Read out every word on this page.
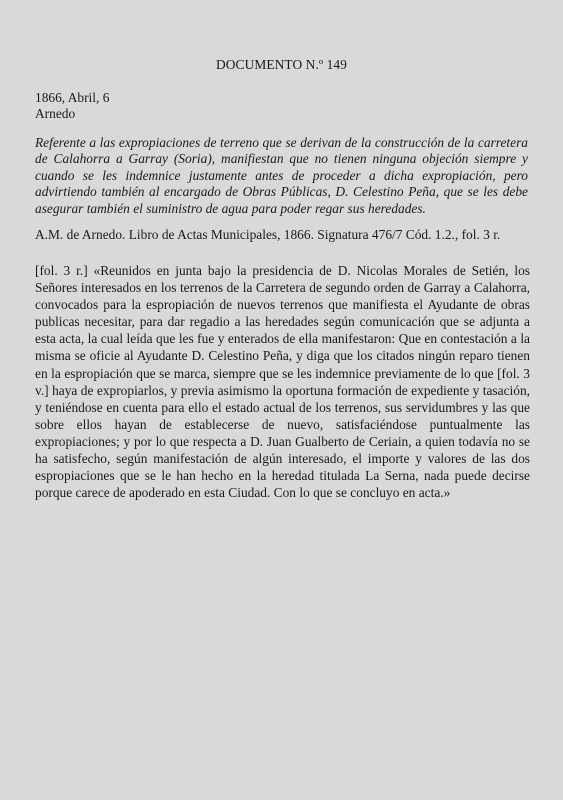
DOCUMENTO N.º 149
1866, Abril, 6
Arnedo
Referente a las expropiaciones de terreno que se derivan de la construcción de la carretera de Calahorra a Garray (Soria), manifiestan que no tienen ninguna objeción siempre y cuando se les indemnice justamente antes de proceder a dicha expropiación, pero advirtiendo también al encargado de Obras Públicas, D. Celestino Peña, que se les debe asegurar también el suministro de agua para poder regar sus heredades.
A.M. de Arnedo. Libro de Actas Municipales, 1866. Signatura 476/7 Cód. 1.2., fol. 3 r.
[fol. 3 r.] «Reunidos en junta bajo la presidencia de D. Nicolas Morales de Setién, los Señores interesados en los terrenos de la Carretera de segundo orden de Garray a Calahorra, convocados para la espropiación de nuevos terrenos que manifiesta el Ayudante de obras publicas necesitar, para dar regadio a las heredades según comunicación que se adjunta a esta acta, la cual leída que les fue y enterados de ella manifestaron: Que en contestación a la misma se oficie al Ayudante D. Celestino Peña, y diga que los citados ningún reparo tienen en la espropiación que se marca, siempre que se les indemnice previamente de lo que [fol. 3 v.] haya de expropiarlos, y previa asimismo la oportuna formación de expediente y tasación, y teniéndose en cuenta para ello el estado actual de los terrenos, sus servidumbres y las que sobre ellos hayan de establecerse de nuevo, satisfaciéndose puntualmente las expropiaciones; y por lo que respecta a D. Juan Gualberto de Ceriain, a quien todavía no se ha satisfecho, según manifestación de algún interesado, el importe y valores de las dos espropiaciones que se le han hecho en la heredad titulada La Serna, nada puede decirse porque carece de apoderado en esta Ciudad. Con lo que se concluyo en acta.»
